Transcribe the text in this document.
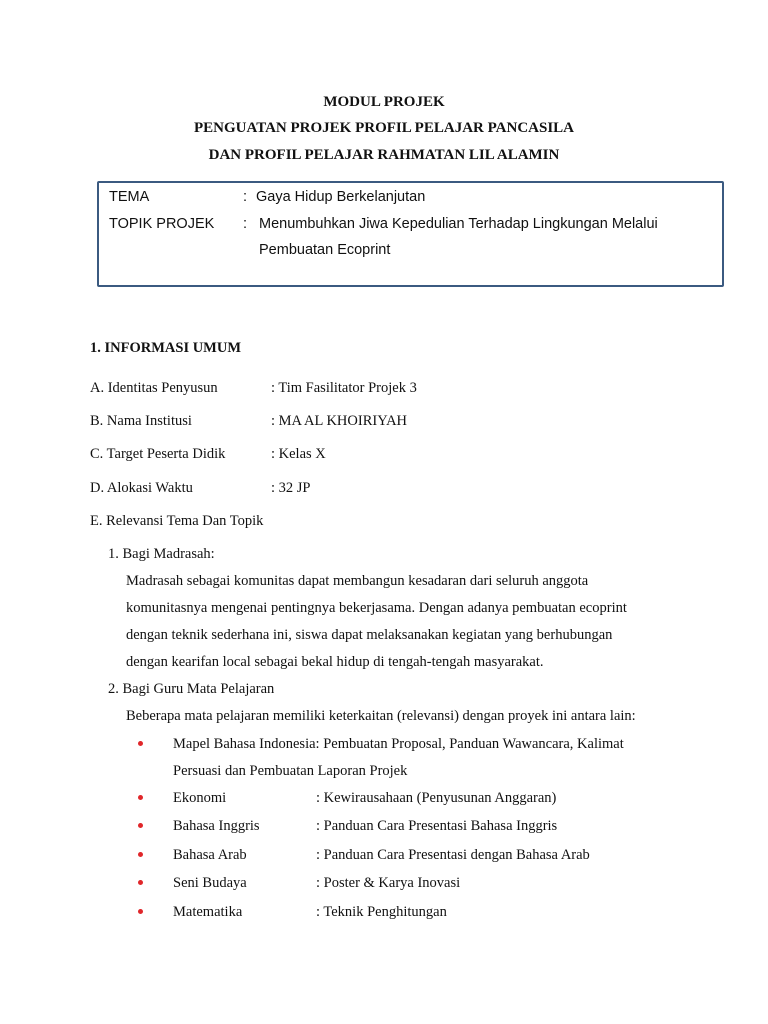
MODUL PROJEK
PENGUATAN PROJEK PROFIL PELAJAR PANCASILA
DAN PROFIL PELAJAR RAHMATAN LIL ALAMIN
TEMA	: Gaya Hidup Berkelanjutan
TOPIK PROJEK : Menumbuhkan Jiwa Kepedulian Terhadap Lingkungan Melalui
Pembuatan Ecoprint
1. INFORMASI UMUM
A. Identitas Penyusun	: Tim Fasilitator Projek 3
B. Nama Institusi	: MA AL KHOIRIYAH
C. Target Peserta Didik	: Kelas X
D. Alokasi Waktu	: 32 JP
E. Relevansi Tema Dan Topik
1. Bagi Madrasah:
Madrasah sebagai komunitas dapat membangun kesadaran dari seluruh anggota
komunitasnya mengenai pentingnya bekerjasama. Dengan adanya pembuatan ecoprint
dengan teknik sederhana ini, siswa dapat melaksanakan kegiatan yang berhubungan
dengan kearifan local sebagai bekal hidup di tengah-tengah masyarakat.
2. Bagi Guru Mata Pelajaran
Beberapa mata pelajaran memiliki keterkaitan (relevansi) dengan proyek ini antara lain:
Mapel Bahasa Indonesia: Pembuatan Proposal, Panduan Wawancara, Kalimat
Persuasi dan Pembuatan Laporan Projek
Ekonomi	: Kewirausahaan (Penyusunan Anggaran)
Bahasa Inggris	: Panduan Cara Presentasi Bahasa Inggris
Bahasa Arab	: Panduan Cara Presentasi dengan Bahasa Arab
Seni Budaya	: Poster & Karya Inovasi
Matematika	: Teknik Penghitungan
